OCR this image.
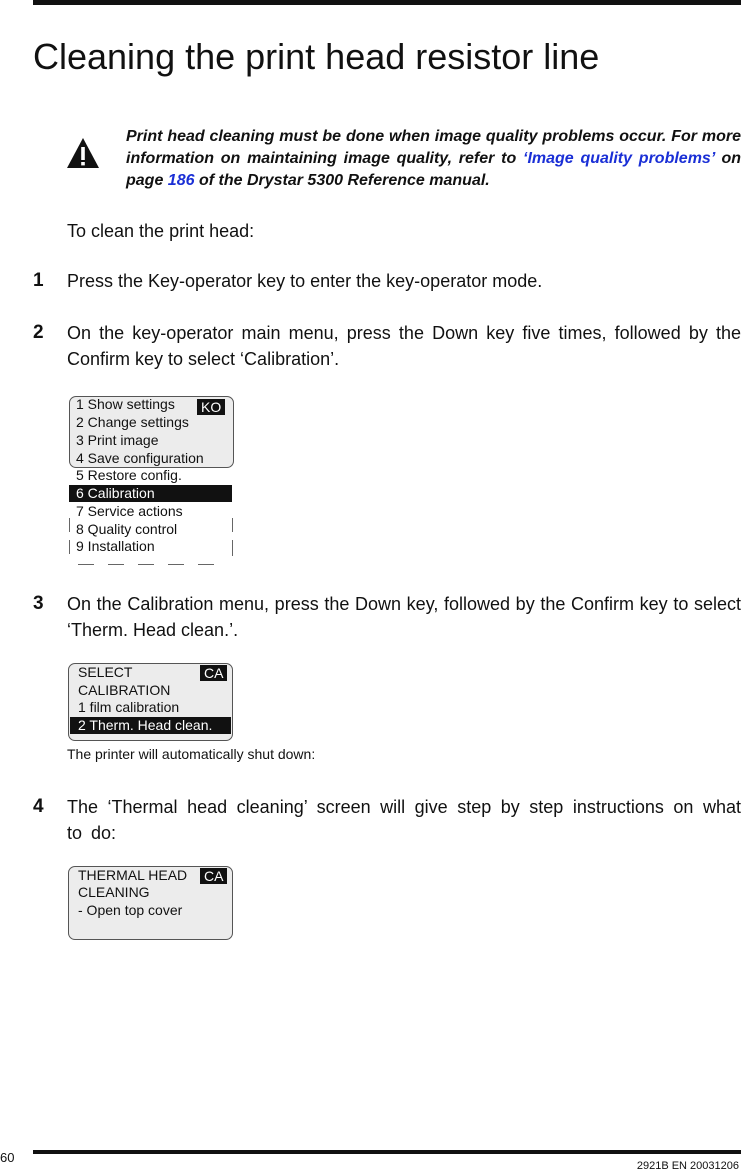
Cleaning the print head resistor line
Print head cleaning must be done when image quality problems occur. For more information on maintaining image quality, refer to ‘Image quality problems’ on page 186 of the Drystar 5300 Reference manual.
To clean the print head:
1 Press the Key-operator key to enter the key-operator mode.
2 On the key-operator main menu, press the Down key five times, followed by the Confirm key to select ‘Calibration’.
KO
1 Show settings
2 Change settings
3 Print image
4 Save configuration
5 Restore config.
6 Calibration
7 Service actions
8 Quality control
9 Installation
3 On the Calibration menu, press the Down key, followed by the Confirm key to select ‘Therm. Head clean.’.
CA
SELECT
CALIBRATION
1 film calibration
2 Therm. Head clean.
The printer will automatically shut down:
4 The ‘Thermal head cleaning’ screen will give step by step instructions on what to do:
CA
THERMAL HEAD
CLEANING
- Open top cover
60
2921B EN 20031206
